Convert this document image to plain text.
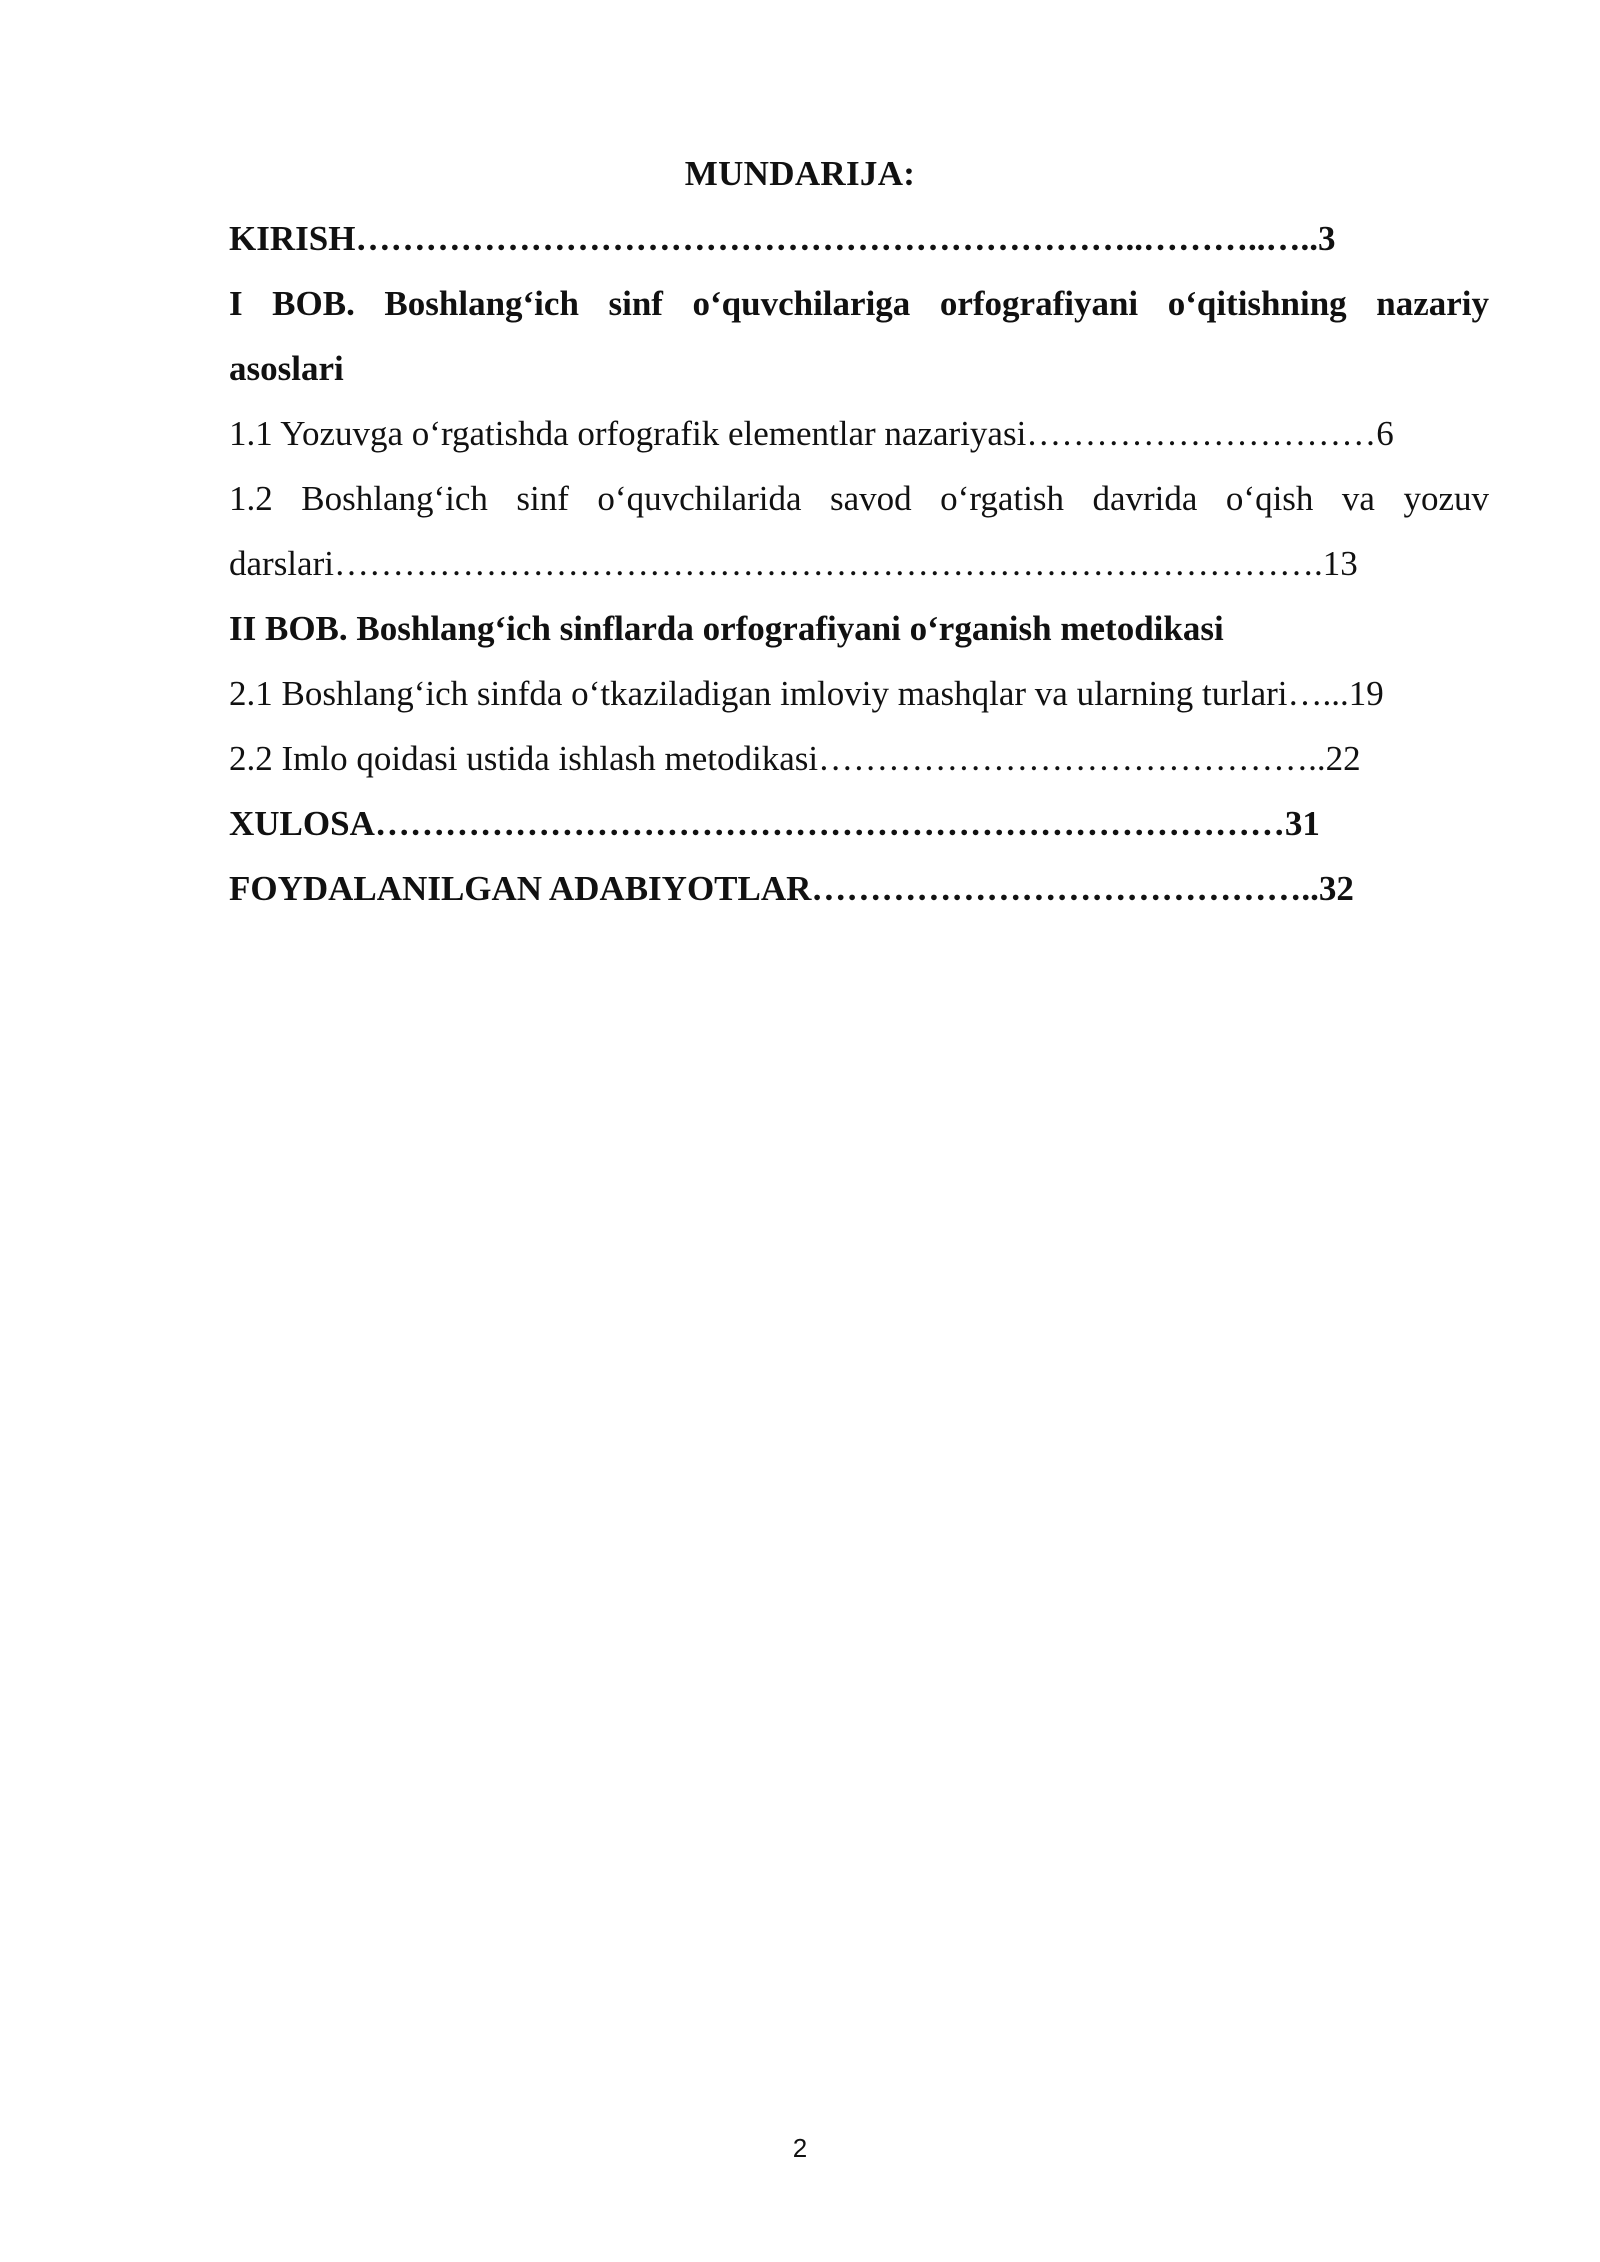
MUNDARIJA:
KIRISH…………………………………………………………..………..…..3
I BOB. Boshlang‘ich sinf o‘quvchilariga orfografiyani o‘qitishning nazariy
asoslari
1.1 Yozuvga o‘rgatishda orfografik elementlar nazariyasi…………………………6
1.2 Boshlang‘ich sinf o‘quvchilarida savod o‘rgatish davrida o‘qish va yozuv
darslari………………………………………………………………………….13
II BOB. Boshlang‘ich sinflarda orfografiyani o‘rganish metodikasi
2.1 Boshlang‘ich sinfda o‘tkaziladigan imloviy mashqlar va ularning turlari…...19
2.2 Imlo qoidasi ustida ishlash metodikasi……………………………………..22
XULOSA……………………………………………………………………31
FOYDALANILGAN ADABIYOTLAR……………………………………..32
2
